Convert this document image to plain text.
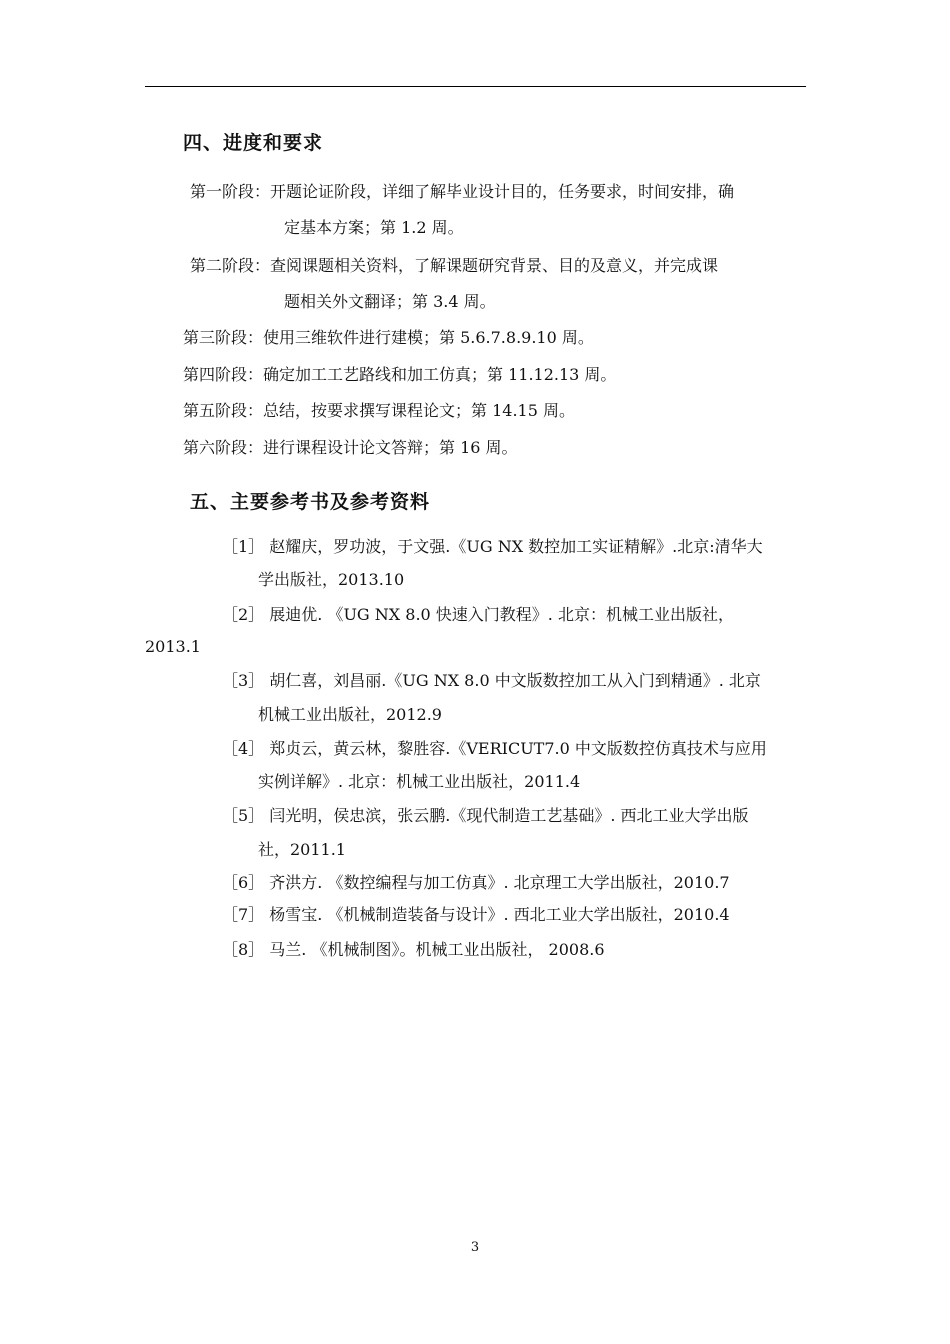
四、进度和要求
第一阶段：开题论证阶段，详细了解毕业设计目的，任务要求，时间安排，确
定基本方案；第 1.2 周。
第二阶段：查阅课题相关资料，了解课题研究背景、目的及意义，并完成课
题相关外文翻译；第 3.4 周。
第三阶段：使用三维软件进行建模；第 5.6.7.8.9.10 周。
第四阶段：确定加工工艺路线和加工仿真；第 11.12.13 周。
第五阶段：总结，按要求撰写课程论文；第 14.15 周。
第六阶段：进行课程设计论文答辩；第 16 周。
五、主要参考书及参考资料
［1］ 赵耀庆，罗功波，于文强.《UG NX 数控加工实证精解》.北京:清华大
学出版社，2013.10
［2］ 展迪优. 《UG NX 8.0 快速入门教程》. 北京：机械工业出版社，
2013.1
［3］ 胡仁喜，刘昌丽.《UG NX 8.0 中文版数控加工从入门到精通》. 北京
机械工业出版社，2012.9
［4］ 郑贞云，黄云林，黎胜容.《VERICUT7.0 中文版数控仿真技术与应用
实例详解》. 北京：机械工业出版社，2011.4
［5］ 闫光明，侯忠滨，张云鹏.《现代制造工艺基础》. 西北工业大学出版
社，2011.1
［6］ 齐洪方. 《数控编程与加工仿真》. 北京理工大学出版社，2010.7
［7］ 杨雪宝. 《机械制造装备与设计》. 西北工业大学出版社，2010.4
［8］ 马兰. 《机械制图》。机械工业出版社， 2008.6
3
